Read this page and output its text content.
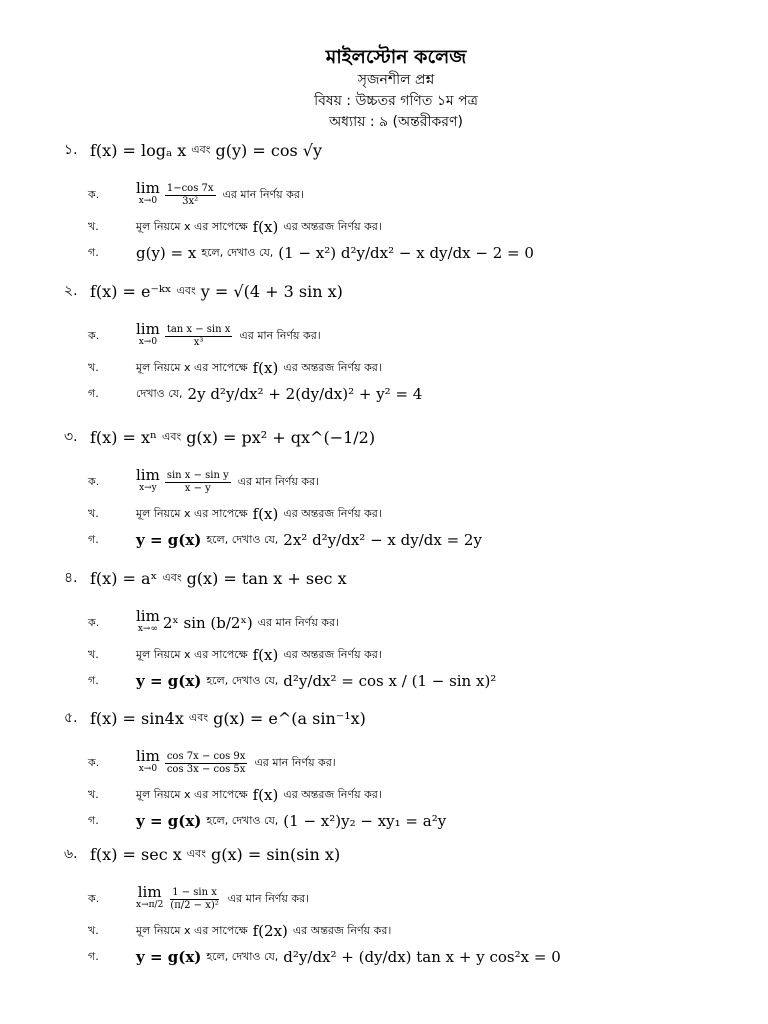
মাইলস্টোন কলেজ
সৃজনশীল প্রশ্ন
বিষয় : উচ্চতর গণিত ১ম পত্র
অধ্যায় : ৯ (অন্তরীকরণ)
১. f(x) = logₐ x এবং g(y) = cos √y
ক.	lim
$x\to 0 \frac{1-\cos 7x}{\text{3x²}}$ এর মান নির্ণয় কর।
খ.	মূল নিয়মে x এর সাপেক্ষে f(x) এর অন্তরজ নির্ণয় কর।
গ.	g(y) = x হলে, দেখাও যে, (1 − x²) d²y/dx² − x dy/dx − 2 = 0
২. f(x) = e⁻ᵏˣ এবং y = √(4 + 3 sin x)
ক.	lim
$x\to 0 \frac{\text{tan x − sin x}}{\text{x³}}$ এর মান নির্ণয় কর।
খ.	মূল নিয়মে x এর সাপেক্ষে f(x) এর অন্তরজ নির্ণয় কর।
গ.	দেখাও যে, 2y d²y/dx² + 2(dy/dx)² + y² = 4
৩. f(x) = xⁿ এবং g(x) = px² + qx^(−1/2)
ক.	lim
$x\to y \frac{\text{sin x − sin y}}{x - y}$ এর মান নির্ণয় কর।
খ.	মূল নিয়মে x এর সাপেক্ষে f(x) এর অন্তরজ নির্ণয় কর।
গ.	y = g(x) হলে, দেখাও যে, 2x² d²y/dx² − x dy/dx = 2y
৪. f(x) = aˣ এবং g(x) = tan x + sec x
ক.	lim
x→∞ 2ˣ sin (b/2ˣ) এর মান নির্ণয় কর।
খ.	মূল নিয়মে x এর সাপেক্ষে f(x) এর অন্তরজ নির্ণয় কর।
গ.	y = g(x) হলে, দেখাও যে, d²y/dx² = cos x / (1 − sin x)²
৫. f(x) = sin4x এবং g(x) = e^(a sin⁻¹x)
ক.	lim
$x\to 0 \frac{\cos 7x - \cos 9x}{\cos 3x - \cos 5x}$ এর মান নির্ণয় কর।
খ.	মূল নিয়মে x এর সাপেক্ষে f(x) এর অন্তরজ নির্ণয় কর।
গ.	y = g(x) হলে, দেখাও যে, (1 − x²)y₂ − xy₁ = a²y
৬. f(x) = sec x এবং g(x) = sin(sin x)
ক.	lim
$x\to\pi/2 \frac{\text{1 − sin x}}{\text{(π/2 − x)²}}$ এর মান নির্ণয় কর।
খ.	মূল নিয়মে x এর সাপেক্ষে f(2x) এর অন্তরজ নির্ণয় কর।
গ.	y = g(x) হলে, দেখাও যে, d²y/dx² + (dy/dx) tan x + y cos²x = 0
